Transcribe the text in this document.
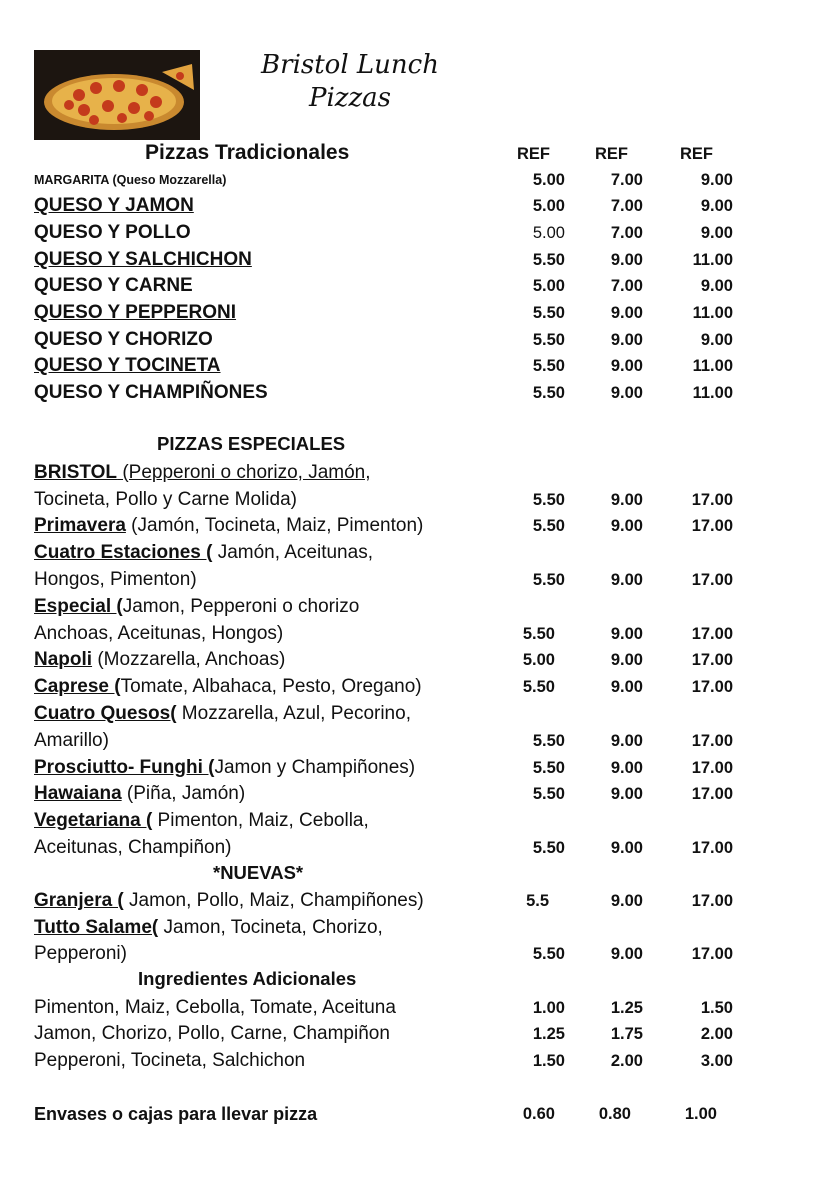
Bristol Lunch
Pizzas
Pizzas Tradicionales	REF	REF	REF
MARGARITA (Queso Mozzarella)	5.00	7.00	9.00
QUESO Y JAMON	5.00	7.00	9.00
QUESO Y POLLO	5.00	7.00	9.00
QUESO Y SALCHICHON	5.50	9.00	11.00
QUESO Y CARNE	5.00	7.00	9.00
QUESO Y PEPPERONI	5.50	9.00	11.00
QUESO Y CHORIZO	5.50	9.00	9.00
QUESO Y TOCINETA	5.50	9.00	11.00
QUESO Y CHAMPIÑONES	5.50	9.00	11.00
PIZZAS ESPECIALES
BRISTOL (Pepperoni o chorizo, Jamón,
Tocineta, Pollo y Carne Molida)	5.50	9.00	17.00
Primavera (Jamón, Tocineta, Maiz, Pimenton)	5.50	9.00	17.00
Cuatro Estaciones ( Jamón, Aceitunas,
Hongos, Pimenton)	5.50	9.00	17.00
Especial (Jamon, Pepperoni o chorizo
Anchoas, Aceitunas, Hongos)	5.50	9.00	17.00
Napoli (Mozzarella, Anchoas)	5.00	9.00	17.00
Caprese (Tomate, Albahaca, Pesto, Oregano)	5.50	9.00	17.00
Cuatro Quesos( Mozzarella, Azul, Pecorino,
Amarillo)	5.50	9.00	17.00
Prosciutto- Funghi (Jamon y Champiñones)	5.50	9.00	17.00
Hawaiana (Piña, Jamón)	5.50	9.00	17.00
Vegetariana ( Pimenton, Maiz, Cebolla,
Aceitunas, Champiñon)	5.50	9.00	17.00
*NUEVAS*
Granjera ( Jamon, Pollo, Maiz, Champiñones)	5.5	9.00	17.00
Tutto Salame( Jamon, Tocineta, Chorizo,
Pepperoni)	5.50	9.00	17.00
Ingredientes Adicionales
Pimenton, Maiz, Cebolla, Tomate, Aceituna	1.00	1.25	1.50
Jamon, Chorizo, Pollo, Carne, Champiñon	1.25	1.75	2.00
Pepperoni, Tocineta, Salchichon	1.50	2.00	3.00
Envases o cajas para llevar pizza	0.60	0.80	1.00
